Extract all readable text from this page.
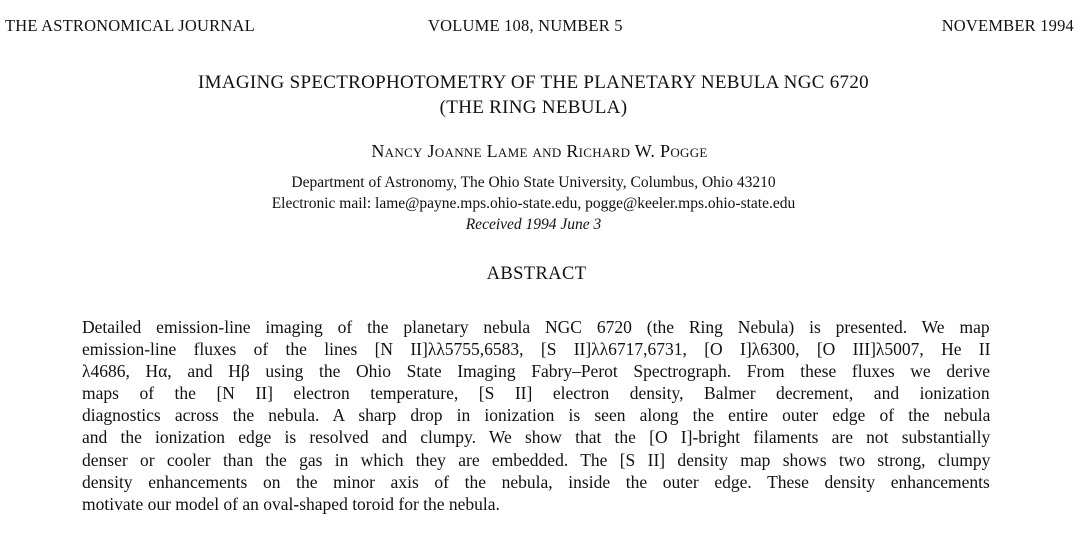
THE ASTRONOMICAL JOURNAL	VOLUME 108, NUMBER 5	NOVEMBER 1994
IMAGING SPECTROPHOTOMETRY OF THE PLANETARY NEBULA NGC 6720
(THE RING NEBULA)
Nancy Joanne Lame and Richard W. Pogge
Department of Astronomy, The Ohio State University, Columbus, Ohio 43210
Electronic mail: lame@payne.mps.ohio-state.edu, pogge@keeler.mps.ohio-state.edu
Received 1994 June 3
ABSTRACT
Detailed emission-line imaging of the planetary nebula NGC 6720 (the Ring Nebula) is presented. We map
emission-line fluxes of the lines [N II]λλ5755,6583, [S II]λλ6717,6731, [O I]λ6300, [O III]λ5007, He II
λ4686, Hα, and Hβ using the Ohio State Imaging Fabry–Perot Spectrograph. From these fluxes we derive
maps of the [N II] electron temperature, [S II] electron density, Balmer decrement, and ionization
diagnostics across the nebula. A sharp drop in ionization is seen along the entire outer edge of the nebula
and the ionization edge is resolved and clumpy. We show that the [O I]-bright filaments are not substantially
denser or cooler than the gas in which they are embedded. The [S II] density map shows two strong, clumpy
density enhancements on the minor axis of the nebula, inside the outer edge. These density enhancements
motivate our model of an oval-shaped toroid for the nebula.
